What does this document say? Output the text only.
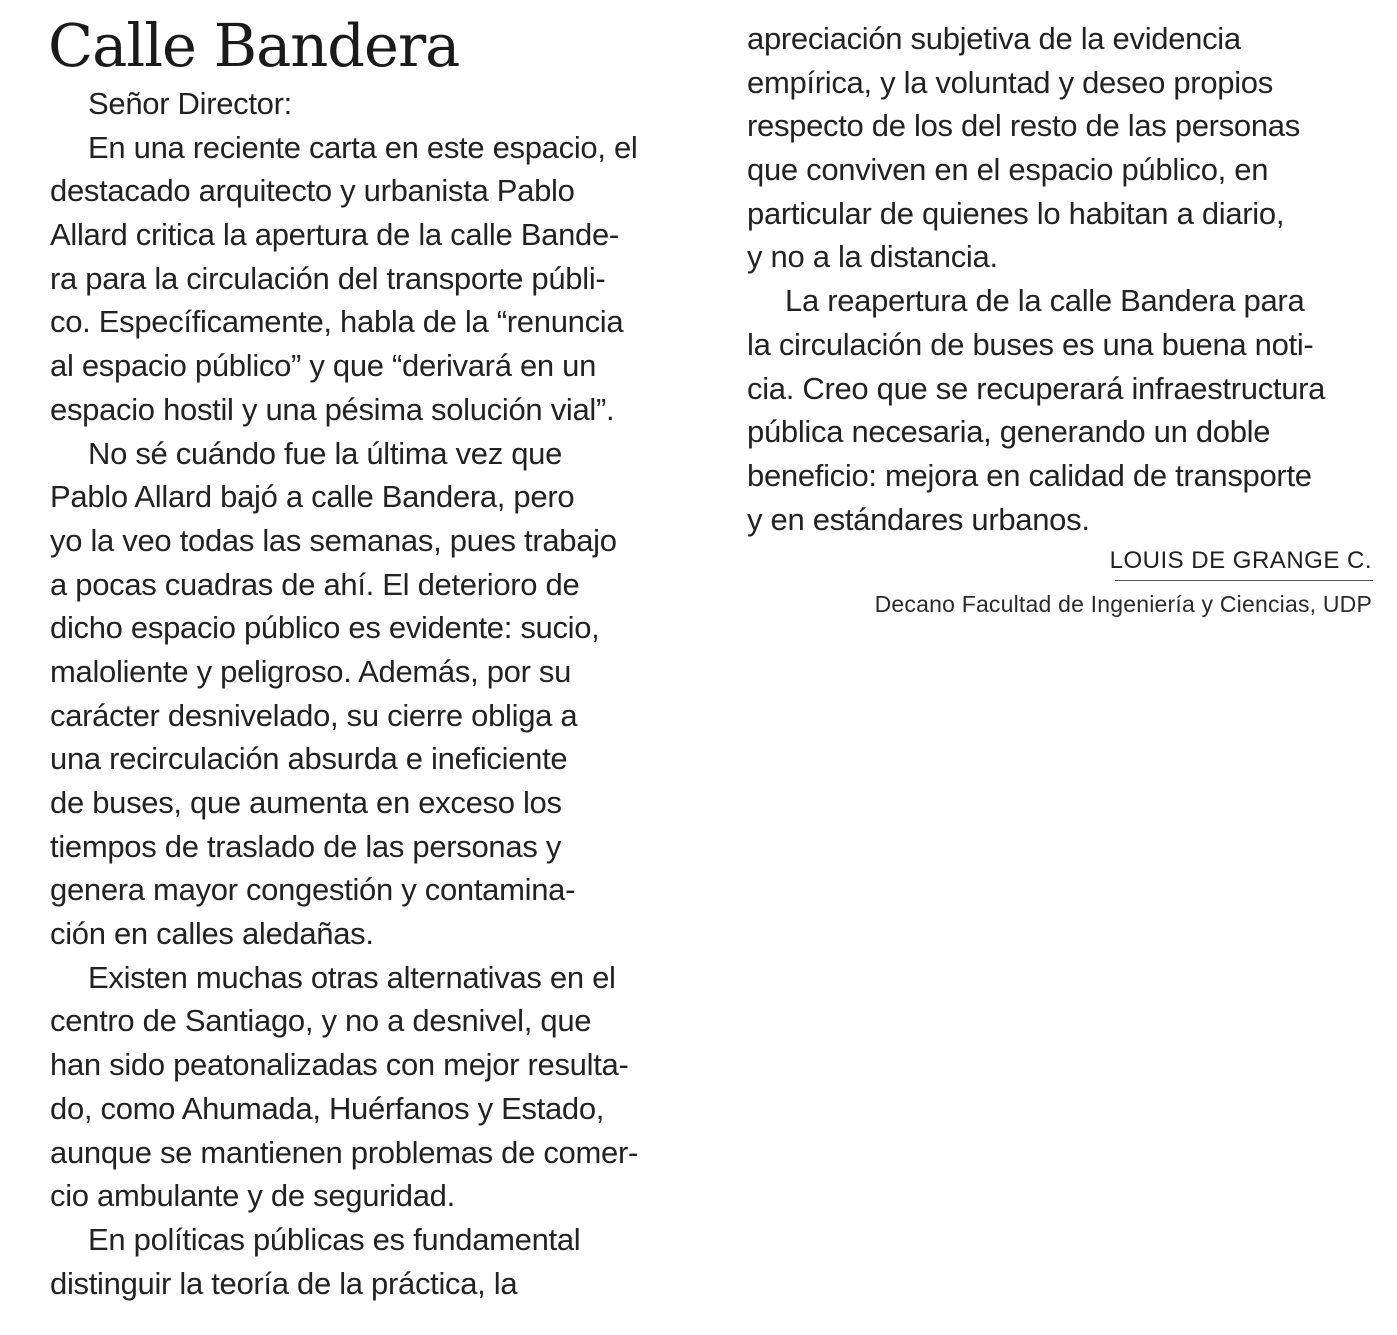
Calle Bandera
Señor Director:
En una reciente carta en este espacio, el
destacado arquitecto y urbanista Pablo
Allard critica la apertura de la calle Bande-
ra para la circulación del transporte públi-
co. Específicamente, habla de la “renuncia
al espacio público” y que “derivará en un
espacio hostil y una pésima solución vial”.
No sé cuándo fue la última vez que
Pablo Allard bajó a calle Bandera, pero
yo la veo todas las semanas, pues trabajo
a pocas cuadras de ahí. El deterioro de
dicho espacio público es evidente: sucio,
maloliente y peligroso. Además, por su
carácter desnivelado, su cierre obliga a
una recirculación absurda e ineficiente
de buses, que aumenta en exceso los
tiempos de traslado de las personas y
genera mayor congestión y contamina-
ción en calles aledañas.
Existen muchas otras alternativas en el
centro de Santiago, y no a desnivel, que
han sido peatonalizadas con mejor resulta-
do, como Ahumada, Huérfanos y Estado,
aunque se mantienen problemas de comer-
cio ambulante y de seguridad.
En políticas públicas es fundamental
distinguir la teoría de la práctica, la
apreciación subjetiva de la evidencia
empírica, y la voluntad y deseo propios
respecto de los del resto de las personas
que conviven en el espacio público, en
particular de quienes lo habitan a diario,
y no a la distancia.
La reapertura de la calle Bandera para
la circulación de buses es una buena noti-
cia. Creo que se recuperará infraestructura
pública necesaria, generando un doble
beneficio: mejora en calidad de transporte
y en estándares urbanos.
LOUIS DE GRANGE C.
Decano Facultad de Ingeniería y Ciencias, UDP
